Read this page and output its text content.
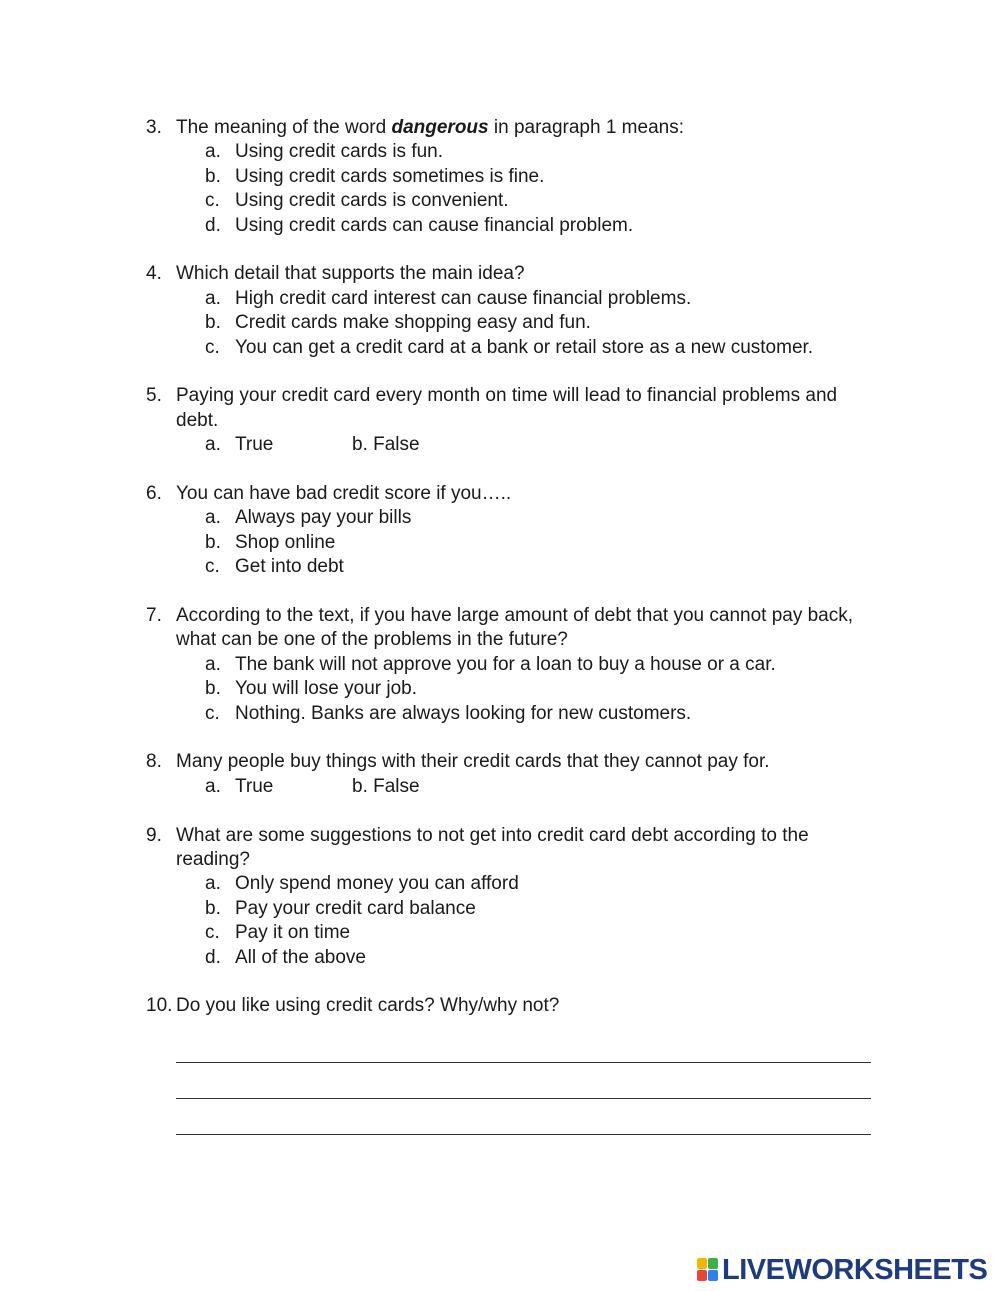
3. The meaning of the word dangerous in paragraph 1 means:
a. Using credit cards is fun.
b. Using credit cards sometimes is fine.
c. Using credit cards is convenient.
d. Using credit cards can cause financial problem.
4. Which detail that supports the main idea?
a. High credit card interest can cause financial problems.
b. Credit cards make shopping easy and fun.
c. You can get a credit card at a bank or retail store as a new customer.
5. Paying your credit card every month on time will lead to financial problems and debt.
a. True	b. False
6. You can have bad credit score if you…..
a. Always pay your bills
b. Shop online
c. Get into debt
7. According to the text, if you have large amount of debt that you cannot pay back, what can be one of the problems in the future?
a. The bank will not approve you for a loan to buy a house or a car.
b. You will lose your job.
c. Nothing. Banks are always looking for new customers.
8. Many people buy things with their credit cards that they cannot pay for.
a. True	b. False
9. What are some suggestions to not get into credit card debt according to the reading?
a. Only spend money you can afford
b. Pay your credit card balance
c. Pay it on time
d. All of the above
10. Do you like using credit cards? Why/why not?
LIVEWORKSHEETS
